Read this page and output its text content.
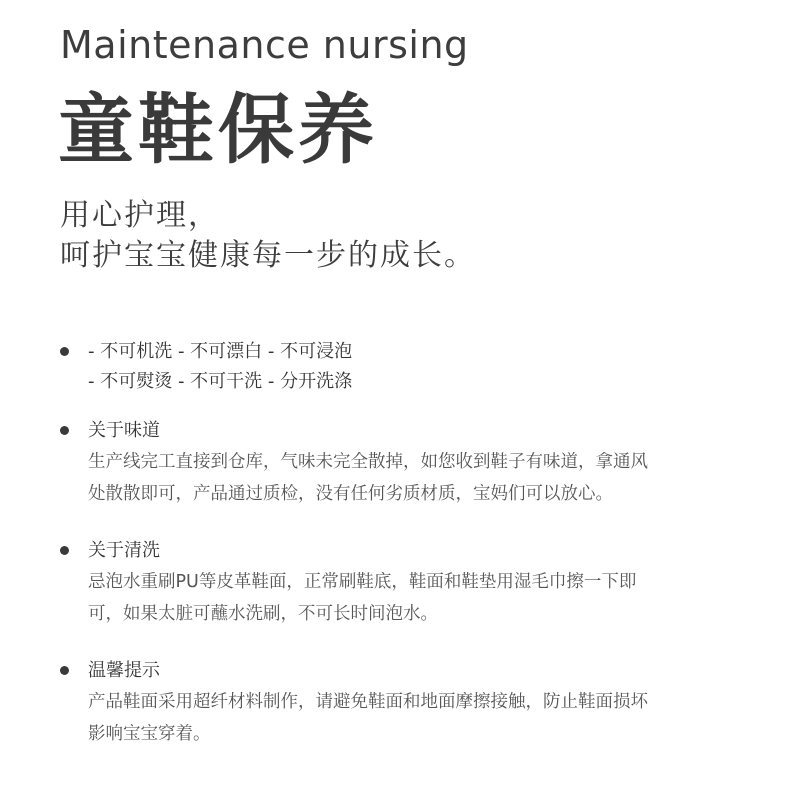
Maintenance nursing
童鞋保养
用心护理，
呵护宝宝健康每一步的成长。
- 不可机洗 - 不可漂白 - 不可浸泡
- 不可熨烫 - 不可干洗 - 分开洗涤
关于味道
生产线完工直接到仓库，气味未完全散掉，如您收到鞋子有味道，拿通风
处散散即可，产品通过质检，没有任何劣质材质，宝妈们可以放心。
关于清洗
忌泡水重刷PU等皮革鞋面，正常刷鞋底，鞋面和鞋垫用湿毛巾擦一下即
可，如果太脏可蘸水洗刷，不可长时间泡水。
温馨提示
产品鞋面采用超纤材料制作，请避免鞋面和地面摩擦接触，防止鞋面损坏
影响宝宝穿着。
